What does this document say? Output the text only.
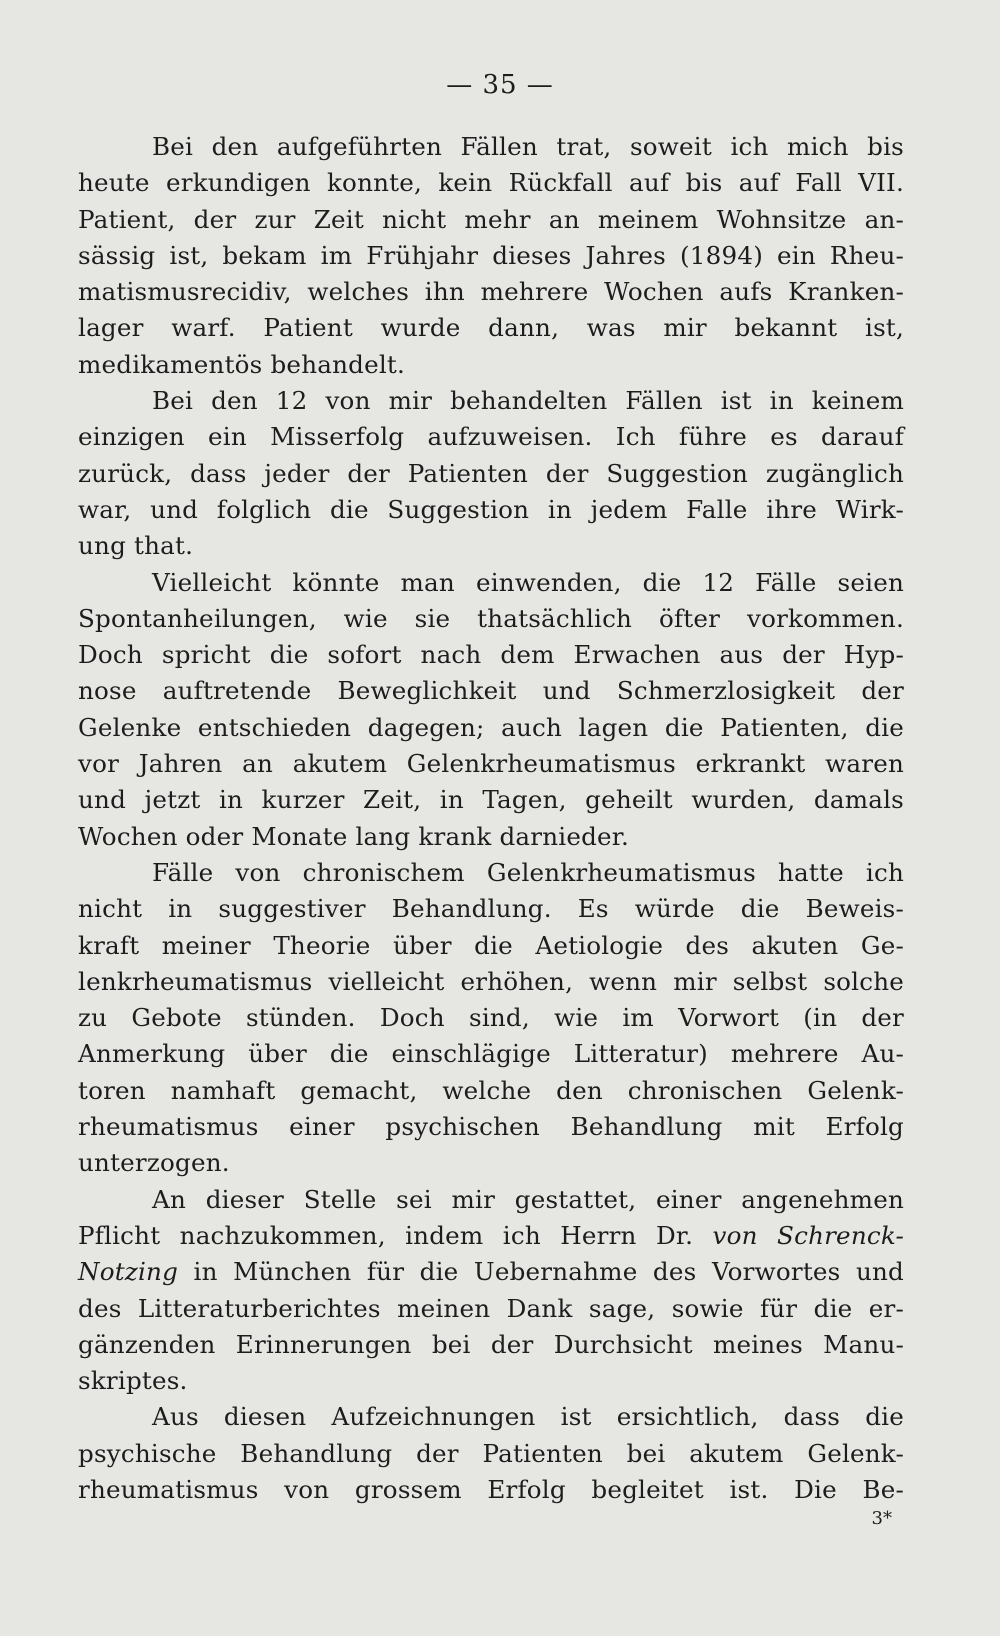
— 35 —
Bei den aufgeführten Fällen trat, soweit ich mich bis
heute erkundigen konnte, kein Rückfall auf bis auf Fall VII.
Patient, der zur Zeit nicht mehr an meinem Wohnsitze an-
sässig ist, bekam im Frühjahr dieses Jahres (1894) ein Rheu-
matismusrecidiv, welches ihn mehrere Wochen aufs Kranken-
lager warf. Patient wurde dann, was mir bekannt ist,
medikamentös behandelt.
Bei den 12 von mir behandelten Fällen ist in keinem
einzigen ein Misserfolg aufzuweisen. Ich führe es darauf
zurück, dass jeder der Patienten der Suggestion zugänglich
war, und folglich die Suggestion in jedem Falle ihre Wirk-
ung that.
Vielleicht könnte man einwenden, die 12 Fälle seien
Spontanheilungen, wie sie thatsächlich öfter vorkommen.
Doch spricht die sofort nach dem Erwachen aus der Hyp-
nose auftretende Beweglichkeit und Schmerzlosigkeit der
Gelenke entschieden dagegen; auch lagen die Patienten, die
vor Jahren an akutem Gelenkrheumatismus erkrankt waren
und jetzt in kurzer Zeit, in Tagen, geheilt wurden, damals
Wochen oder Monate lang krank darnieder.
Fälle von chronischem Gelenkrheumatismus hatte ich
nicht in suggestiver Behandlung. Es würde die Beweis-
kraft meiner Theorie über die Aetiologie des akuten Ge-
lenkrheumatismus vielleicht erhöhen, wenn mir selbst solche
zu Gebote stünden. Doch sind, wie im Vorwort (in der
Anmerkung über die einschlägige Litteratur) mehrere Au-
toren namhaft gemacht, welche den chronischen Gelenk-
rheumatismus einer psychischen Behandlung mit Erfolg
unterzogen.
An dieser Stelle sei mir gestattet, einer angenehmen
Pflicht nachzukommen, indem ich Herrn Dr. von Schrenck-
Notzing in München für die Uebernahme des Vorwortes und
des Litteraturberichtes meinen Dank sage, sowie für die er-
gänzenden Erinnerungen bei der Durchsicht meines Manu-
skriptes.
Aus diesen Aufzeichnungen ist ersichtlich, dass die
psychische Behandlung der Patienten bei akutem Gelenk-
rheumatismus von grossem Erfolg begleitet ist. Die Be-
3*
